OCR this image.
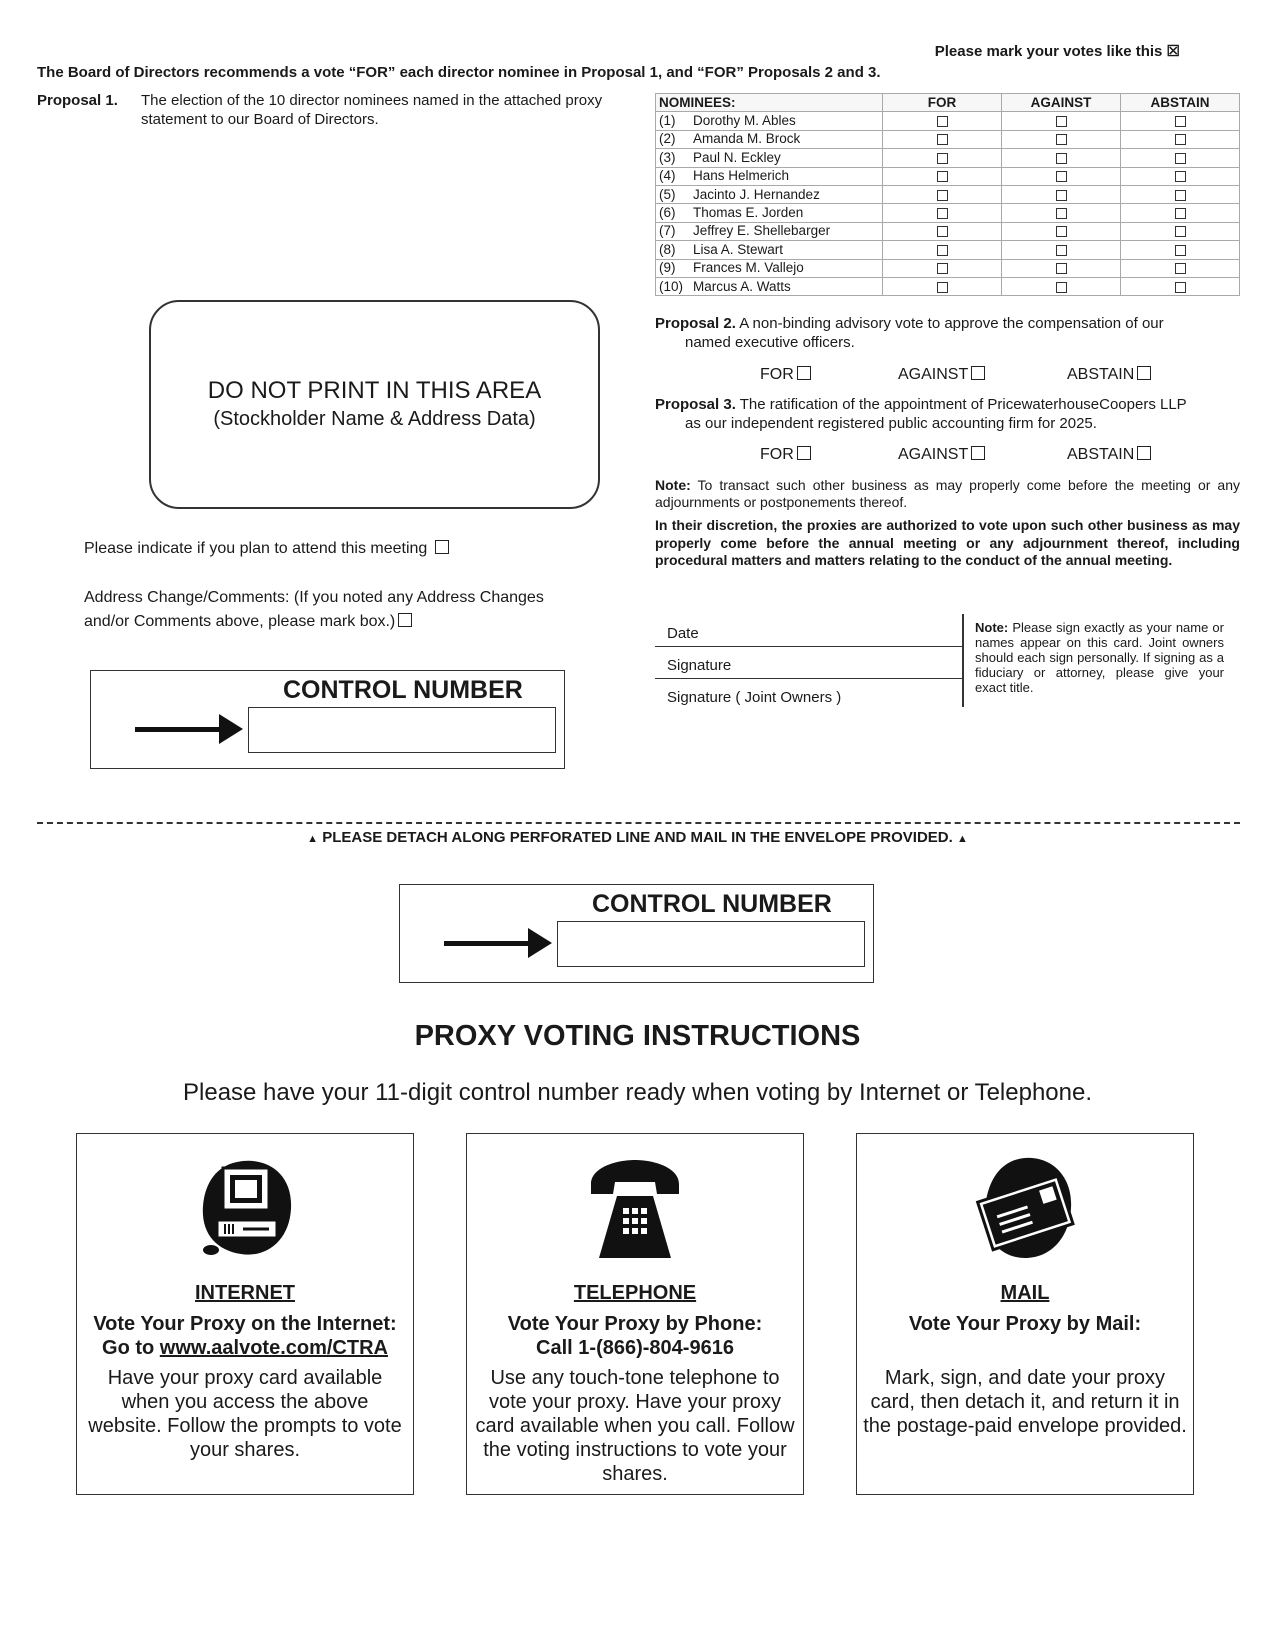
Please mark your votes like this ☒
The Board of Directors recommends a vote “FOR” each director nominee in Proposal 1, and “FOR” Proposals 2 and 3.
Proposal 1. The election of the 10 director nominees named in the attached proxy statement to our Board of Directors.
NOMINEES:		FOR	AGAINST	ABSTAIN
(1)	Dorothy M. Ables			
(2)	Amanda M. Brock			
(3)	Paul N. Eckley			
(4)	Hans Helmerich			
(5)	Jacinto J. Hernandez			
(6)	Thomas E. Jorden			
(7)	Jeffrey E. Shellebarger			
(8)	Lisa A. Stewart			
(9)	Frances M. Vallejo			
(10)	Marcus A. Watts			
DO NOT PRINT IN THIS AREA
(Stockholder Name & Address Data)
Please indicate if you plan to attend this meeting
Address Change/Comments: (If you noted any Address Changes
and/or Comments above, please mark box.)
CONTROL NUMBER
Proposal 2. A non-binding advisory vote to approve the compensation of our
named executive officers.
FOR	AGAINST	ABSTAIN
Proposal 3. The ratification of the appointment of PricewaterhouseCoopers LLP
as our independent registered public accounting firm for 2025.
FOR	AGAINST	ABSTAIN
Note: To transact such other business as may properly come before the meeting or any adjournments or postponements thereof.
In their discretion, the proxies are authorized to vote upon such other business as may properly come before the annual meeting or any adjournment thereof, including procedural matters and matters relating to the conduct of the annual meeting.
Date
Signature
Signature ( Joint Owners )
Note: Please sign exactly as your name or names appear on this card. Joint owners should each sign personally. If signing as a fiduciary or attorney, please give your exact title.
▲ PLEASE DETACH ALONG PERFORATED LINE AND MAIL IN THE ENVELOPE PROVIDED. ▲
CONTROL NUMBER
PROXY VOTING INSTRUCTIONS
Please have your 11-digit control number ready when voting by Internet or Telephone.
INTERNET
Vote Your Proxy on the Internet:
Go to www.aalvote.com/CTRA
Have your proxy card available when you access the above website. Follow the prompts to vote your shares.
TELEPHONE
Vote Your Proxy by Phone:
Call 1-(866)-804-9616
Use any touch-tone telephone to vote your proxy. Have your proxy card available when you call. Follow the voting instructions to vote your shares.
MAIL
Vote Your Proxy by Mail:
Mark, sign, and date your proxy card, then detach it, and return it in the postage-paid envelope provided.
